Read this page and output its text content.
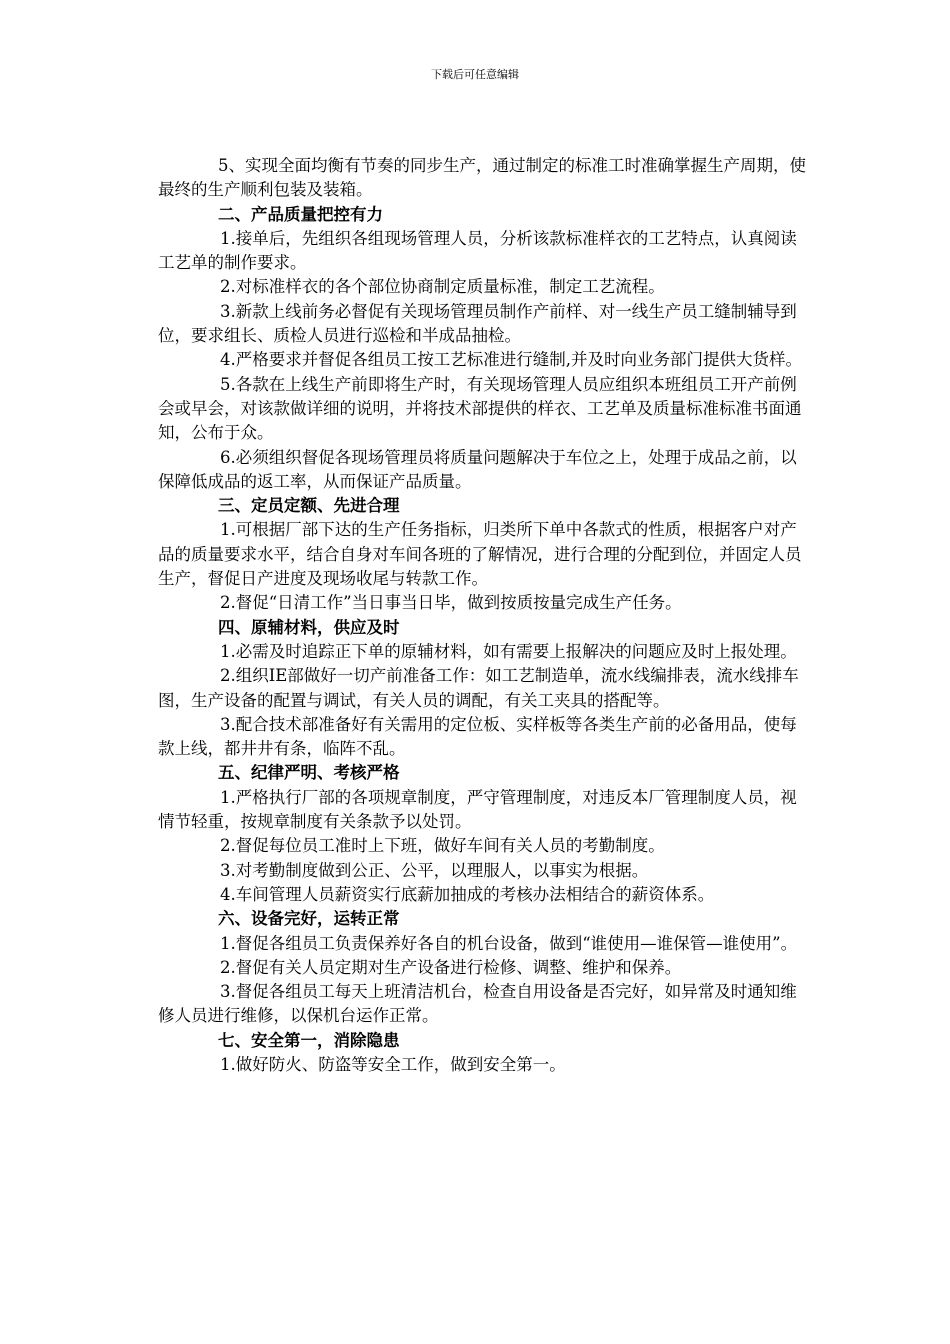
下载后可任意编辑

5、实现全面均衡有节奏的同步生产，通过制定的标准工时准确掌握生产周期，使最终的生产顺利包装及装箱。

二、产品质量把控有力

1.接单后，先组织各组现场管理人员，分析该款标准样衣的工艺特点，认真阅读工艺单的制作要求。

2.对标准样衣的各个部位协商制定质量标准，制定工艺流程。

3.新款上线前务必督促有关现场管理员制作产前样、对一线生产员工缝制辅导到位，要求组长、质检人员进行巡检和半成品抽检。

4.严格要求并督促各组员工按工艺标准进行缝制,并及时向业务部门提供大货样。

5.各款在上线生产前即将生产时，有关现场管理人员应组织本班组员工开产前例会或早会，对该款做详细的说明，并将技术部提供的样衣、工艺单及质量标准标准书面通知，公布于众。

6.必须组织督促各现场管理员将质量问题解决于车位之上，处理于成品之前，以保障低成品的返工率，从而保证产品质量。

三、定员定额、先进合理

1.可根据厂部下达的生产任务指标，归类所下单中各款式的性质，根据客户对产品的质量要求水平，结合自身对车间各班的了解情况，进行合理的分配到位，并固定人员生产，督促日产进度及现场收尾与转款工作。

2.督促“日清工作”当日事当日毕，做到按质按量完成生产任务。

四、原辅材料，供应及时

1.必需及时追踪正下单的原辅材料，如有需要上报解决的问题应及时上报处理。

2.组织IE部做好一切产前准备工作：如工艺制造单，流水线编排表，流水线排车图，生产设备的配置与调试，有关人员的调配，有关工夹具的搭配等。

3.配合技术部准备好有关需用的定位板、实样板等各类生产前的必备用品，使每款上线，都井井有条，临阵不乱。

五、纪律严明、考核严格

1.严格执行厂部的各项规章制度，严守管理制度，对违反本厂管理制度人员，视情节轻重，按规章制度有关条款予以处罚。

2.督促每位员工准时上下班，做好车间有关人员的考勤制度。

3.对考勤制度做到公正、公平，以理服人，以事实为根据。

4.车间管理人员薪资实行底薪加抽成的考核办法相结合的薪资体系。

六、设备完好，运转正常

1.督促各组员工负责保养好各自的机台设备，做到“谁使用—谁保管—谁使用”。

2.督促有关人员定期对生产设备进行检修、调整、维护和保养。

3.督促各组员工每天上班清洁机台，检查自用设备是否完好，如异常及时通知维修人员进行维修，以保机台运作正常。

七、安全第一，消除隐患

1.做好防火、防盗等安全工作，做到安全第一。
